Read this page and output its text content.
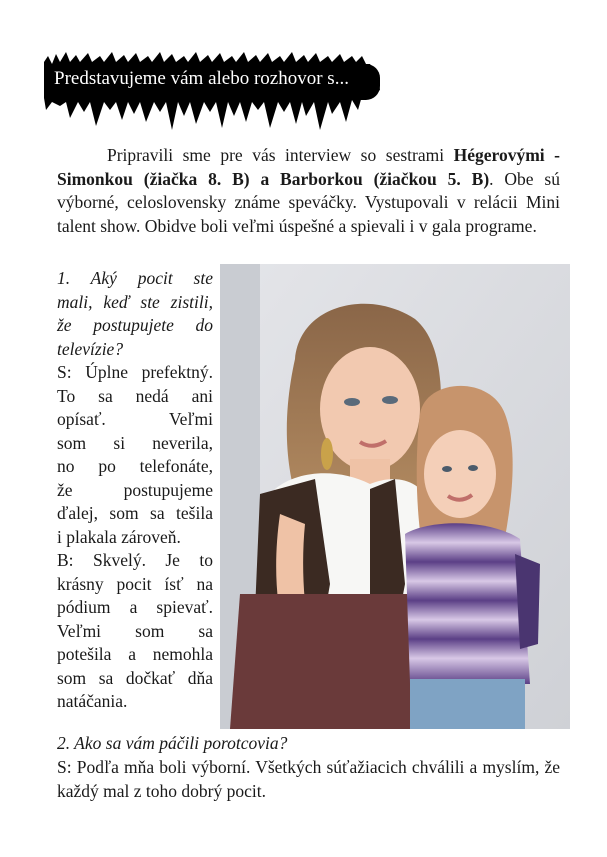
Predstavujeme vám alebo rozhovor s...
Pripravili sme pre vás interview so sestrami Hégerovými - Simonkou (žiačka 8. B) a Barborkou (žiačkou 5. B). Obe sú výborné, celoslovensky známe speváčky. Vystupovali v relácii Mini talent show. Obidve boli veľmi úspešné a spievali i v gala programe.
1. Aký pocit ste
mali, keď ste zistili,
že postupujete do
televízie?
S: Úplne prefektný.
To sa nedá ani
opísať. Veľmi
som si neverila,
no po telefonáte,
že postupujeme
ďalej, som sa tešila
i plakala zároveň.
B: Skvelý. Je to
krásny pocit ísť na
pódium a spievať.
Veľmi som sa
potešila a nemohla
som sa dočkať dňa
natáčania.
2. Ako sa vám páčili porotcovia?
S: Podľa mňa boli výborní. Všetkých súťažiacich chválili a myslím, že každý mal z toho dobrý pocit.
